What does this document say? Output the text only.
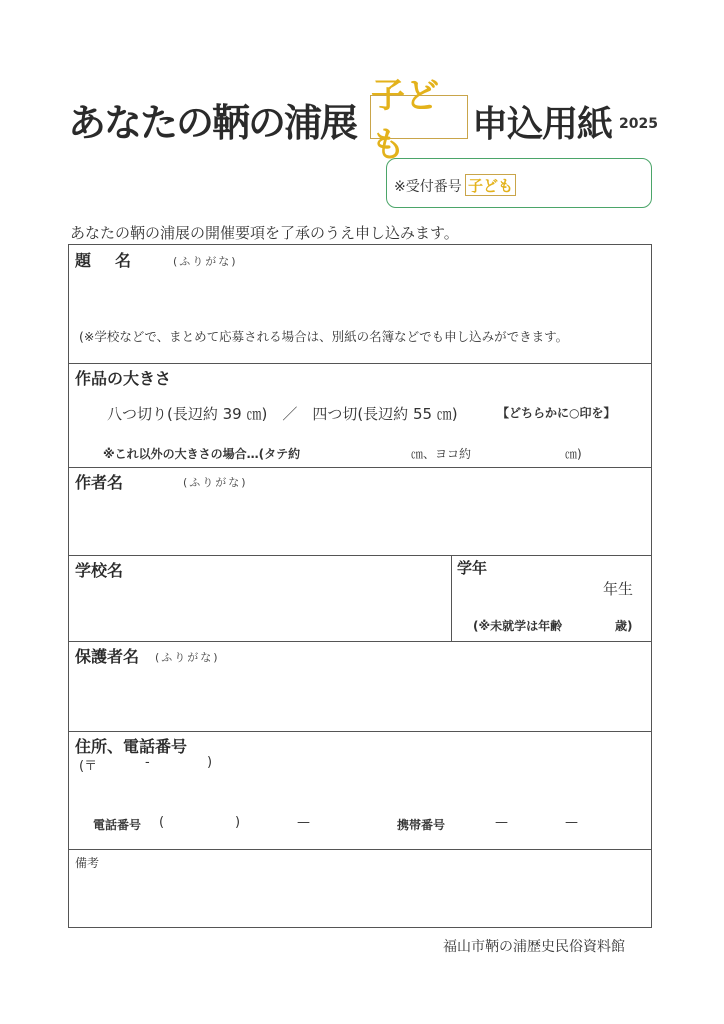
あなたの鞆の浦展
子ども	申込用紙 2025
※受付番号 子ども
あなたの鞆の浦展の開催要項を了承のうえ申し込みます。
題　名	(ふりがな)
(※学校などで、まとめて応募される場合は、別紙の名簿などでも申し込みができます。
作品の大きさ
八つ切り(長辺約 39 ㎝)　／　四つ切(長辺約 55 ㎝)	【どちらかに○印を】
※これ以外の大きさの場合…(タテ約	㎝、ヨコ約	㎝)
作者名	(ふりがな)
学校名	学年
年生
(※未就学は年齢	歳)
保護者名 (ふりがな)
住所、電話番号
(〒	-	)
電話番号 (	)	—	携帯番号	—	—
備考
福山市鞆の浦歴史民俗資料館
